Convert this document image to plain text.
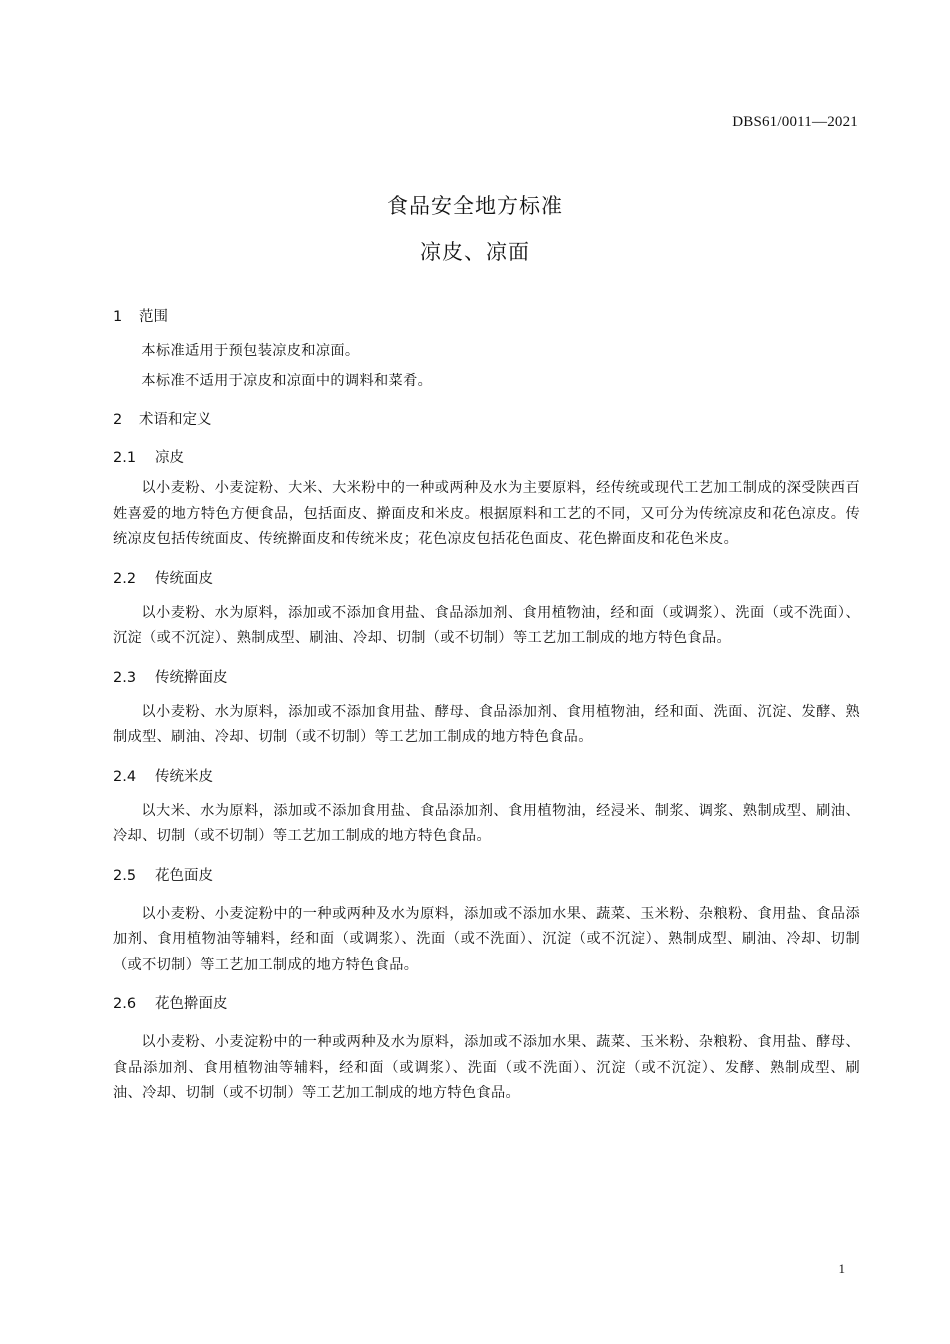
DBS61/0011—2021
食品安全地方标准
凉皮、凉面
1 范围

本标准适用于预包装凉皮和凉面。

本标准不适用于凉皮和凉面中的调料和菜肴。

2 术语和定义
2.1 凉皮

以小麦粉、小麦淀粉、大米、大米粉中的一种或两种及水为主要原料，经传统或现代工艺加工制成的深受陕西百姓喜爱的地方特色方便食品，包括面皮、擀面皮和米皮。根据原料和工艺的不同，又可分为传统凉皮和花色凉皮。传统凉皮包括传统面皮、传统擀面皮和传统米皮；花色凉皮包括花色面皮、花色擀面皮和花色米皮。

2.2 传统面皮

以小麦粉、水为原料，添加或不添加食用盐、食品添加剂、食用植物油，经和面（或调浆）、洗面（或不洗面）、沉淀（或不沉淀）、熟制成型、刷油、冷却、切制（或不切制）等工艺加工制成的地方特色食品。

2.3 传统擀面皮

以小麦粉、水为原料，添加或不添加食用盐、酵母、食品添加剂、食用植物油，经和面、洗面、沉淀、发酵、熟制成型、刷油、冷却、切制（或不切制）等工艺加工制成的地方特色食品。

2.4 传统米皮

以大米、水为原料，添加或不添加食用盐、食品添加剂、食用植物油，经浸米、制浆、调浆、熟制成型、刷油、冷却、切制（或不切制）等工艺加工制成的地方特色食品。

2.5 花色面皮

以小麦粉、小麦淀粉中的一种或两种及水为原料，添加或不添加水果、蔬菜、玉米粉、杂粮粉、食用盐、食品添加剂、食用植物油等辅料，经和面（或调浆）、洗面（或不洗面）、沉淀（或不沉淀）、熟制成型、刷油、冷却、切制（或不切制）等工艺加工制成的地方特色食品。

2.6 花色擀面皮

以小麦粉、小麦淀粉中的一种或两种及水为原料，添加或不添加水果、蔬菜、玉米粉、杂粮粉、食用盐、酵母、食品添加剂、食用植物油等辅料，经和面（或调浆）、洗面（或不洗面）、沉淀（或不沉淀）、发酵、熟制成型、刷油、冷却、切制（或不切制）等工艺加工制成的地方特色食品。

1
